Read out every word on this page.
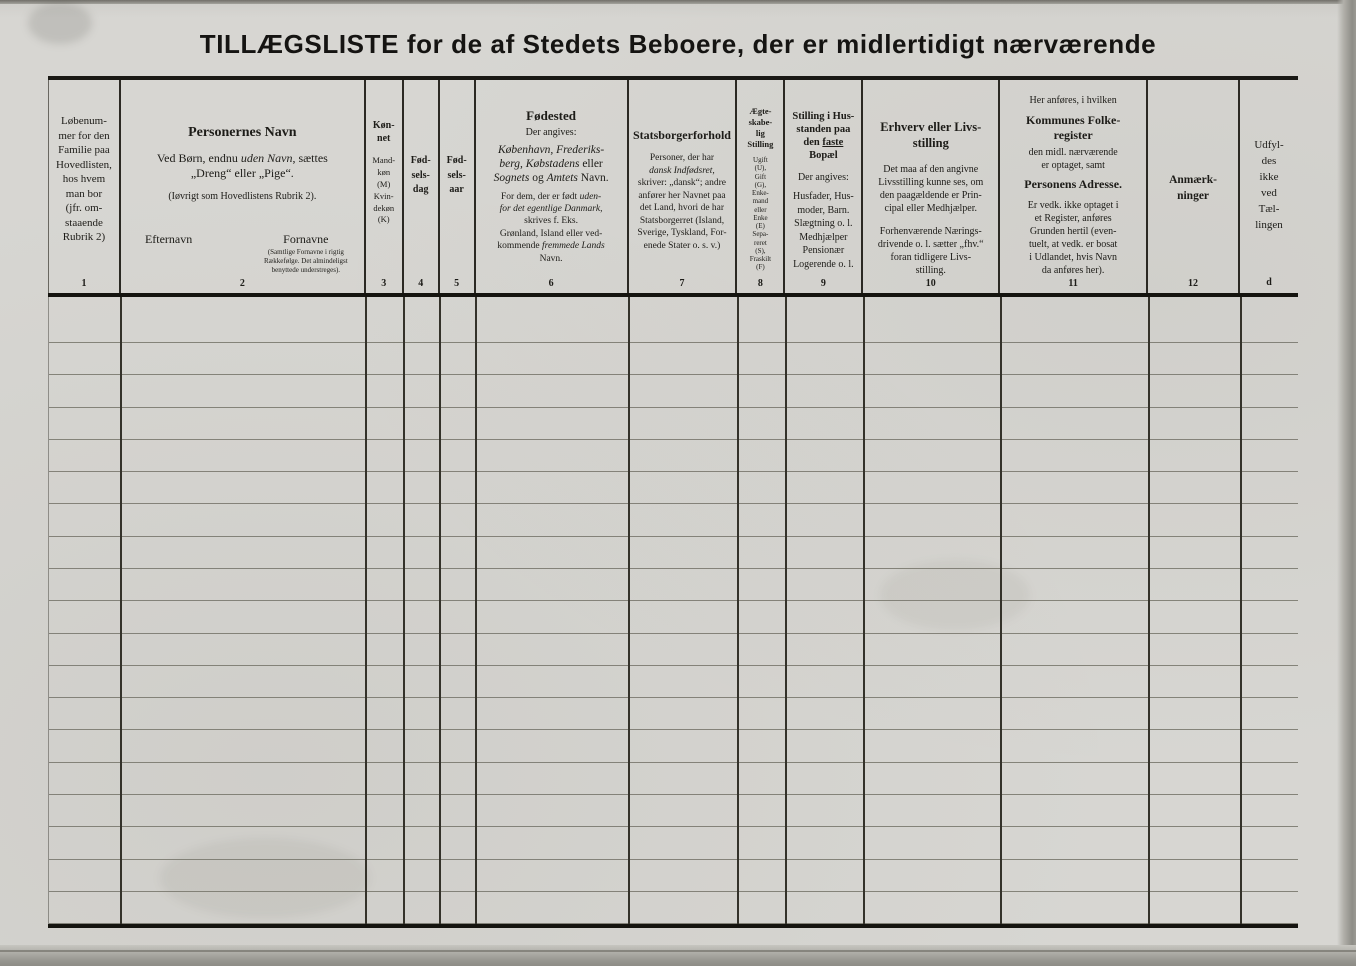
TILLÆGSLISTE for de af Stedets Beboere, der er midlertidigt nærværende
Løbenum-
mer for den
Familie paa
Hovedlisten,
hos hvem
man bor
(jfr. om-
staaende
Rubrik 2)
1
Personernes Navn
Ved Børn, endnu uden Navn, sættes
„Dreng“ eller „Pige“.
(Iøvrigt som Hovedlistens Rubrik 2).
Efternavn	Fornavne
(Samtlige Fornavne i rigtig
Rækkefølge. Det almindeligst
benyttede understreges).
2
Køn-
net
Mand-
køn
(M)
Kvin-
dekøn
(K)
3
Fød-
sels-
dag
4
Fød-
sels-
aar
5
Fødested
Der angives:
København, Frederiks-
berg, Købstadens eller
Sognets og Amtets Navn.
For dem, der er født uden-
for det egentlige Danmark,
skrives f. Eks.
Grønland, Island eller ved-
kommende fremmede Lands
Navn.
6
Statsborgerforhold
Personer, der har
dansk Indfødsret,
skriver: „dansk“; andre
anfører her Navnet paa
det Land, hvori de har
Statsborgerret (Island,
Sverige, Tyskland, For-
enede Stater o. s. v.)
7
Ægte-
skabe-
lig
Stilling
Ugift
(U),
Gift
(G),
Enke-
mand
eller
Enke
(E)
Sepa-
reret
(S),
Fraskilt
(F)
8
Stilling i Hus-
standen paa
den faste
Bopæl
Der angives:
Husfader, Hus-
moder, Barn.
Slægtning o. l.
Medhjælper
Pensionær
Logerende o. l.
9
Erhverv eller Livs-
stilling
Det maa af den angivne
Livsstilling kunne ses, om
den paagældende er Prin-
cipal eller Medhjælper.
Forhenværende Nærings-
drivende o. l. sætter „fhv.“
foran tidligere Livs-
stilling.
10
Her anføres, i hvilken
Kommunes Folke-
register
den midl. nærværende
er optaget, samt
Personens Adresse.
Er vedk. ikke optaget i
et Register, anføres
Grunden hertil (even-
tuelt, at vedk. er bosat
i Udlandet, hvis Navn
da anføres her).
11
Anmærk-
ninger
12
Udfyl-
des
ikke
ved
Tæl-
lingen
d
